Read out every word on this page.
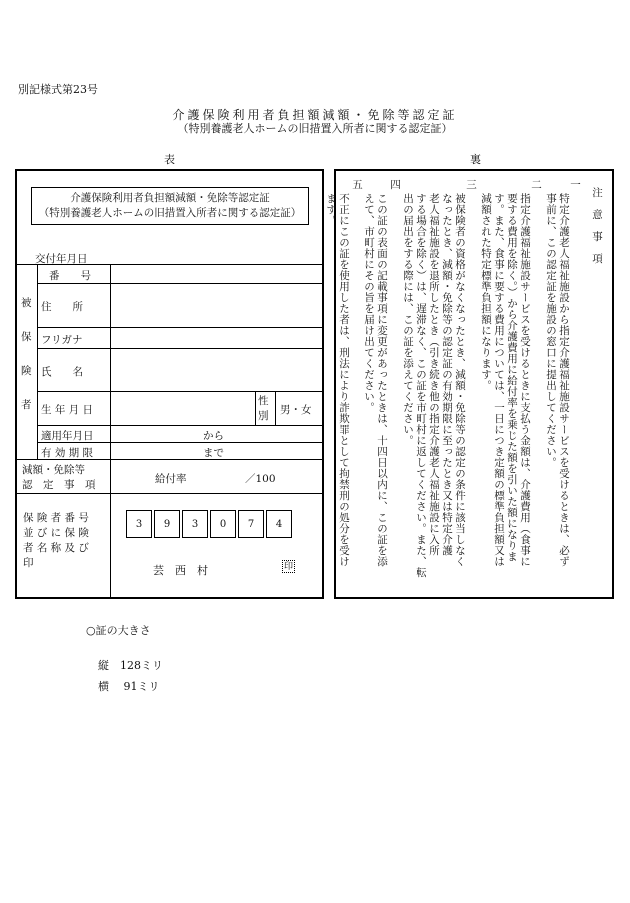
別記様式第23号
介護保険利用者負担額減額・免除等認定証
（特別養護老人ホームの旧措置入所者に関する認定証）
表	裏
介護保険利用者負担額減額・免除等認定証
（特別養護老人ホームの旧措置入所者に関する認定証）
交付年月日
被
保
険
者
番　　号
住　　所
フリガナ
氏　　名
生 年 月 日
性
別 男・女
適用年月日	から
有 効 期 限	まで
減額・免除等
認　定　事　項	給付率	／100
保 険 者 番 号
並 び に 保 険
者 名 称 及 び
印
3	9	3	0	7	4
芸　西　村	印
注　意　事　項
一
特定介護老人福祉施設から指定介護福祉施設サービスを受けるときは、必ず
事前に、この認定証を施設の窓口に提出してください。
二
指定介護福祉施設サービスを受けるときに支払う金額は、介護費用（食事に
要する費用を除く。）から介護費用に給付率を乗じた額を引いた額になりま
す。また、食事に要する費用については、一日につき定額の標準負担額又は
減額された特定標準負担額になります。
三
被保険者の資格がなくなったとき、減額・免除等の認定の条件に該当しなく
なったとき、減額・免除等の認定証の有効期限に至ったとき又は特定介護
老人福祉施設を退所したとき（引き続き他の指定介護老人福祉施設に入所
する場合を除く）は、遅滞なく、この証を市町村に返してください。また、転
出の届出をする際には、この証を添えてください。
四
この証の表面の記載事項に変更があったときは、十四日以内に、この証を添
えて、市町村にその旨を届け出てください。
五
不正にこの証を使用した者は、刑法により詐欺罪として拘禁刑の処分を受け
ます。
○証の大きさ
縦　128ミリ
横　 91ミリ
